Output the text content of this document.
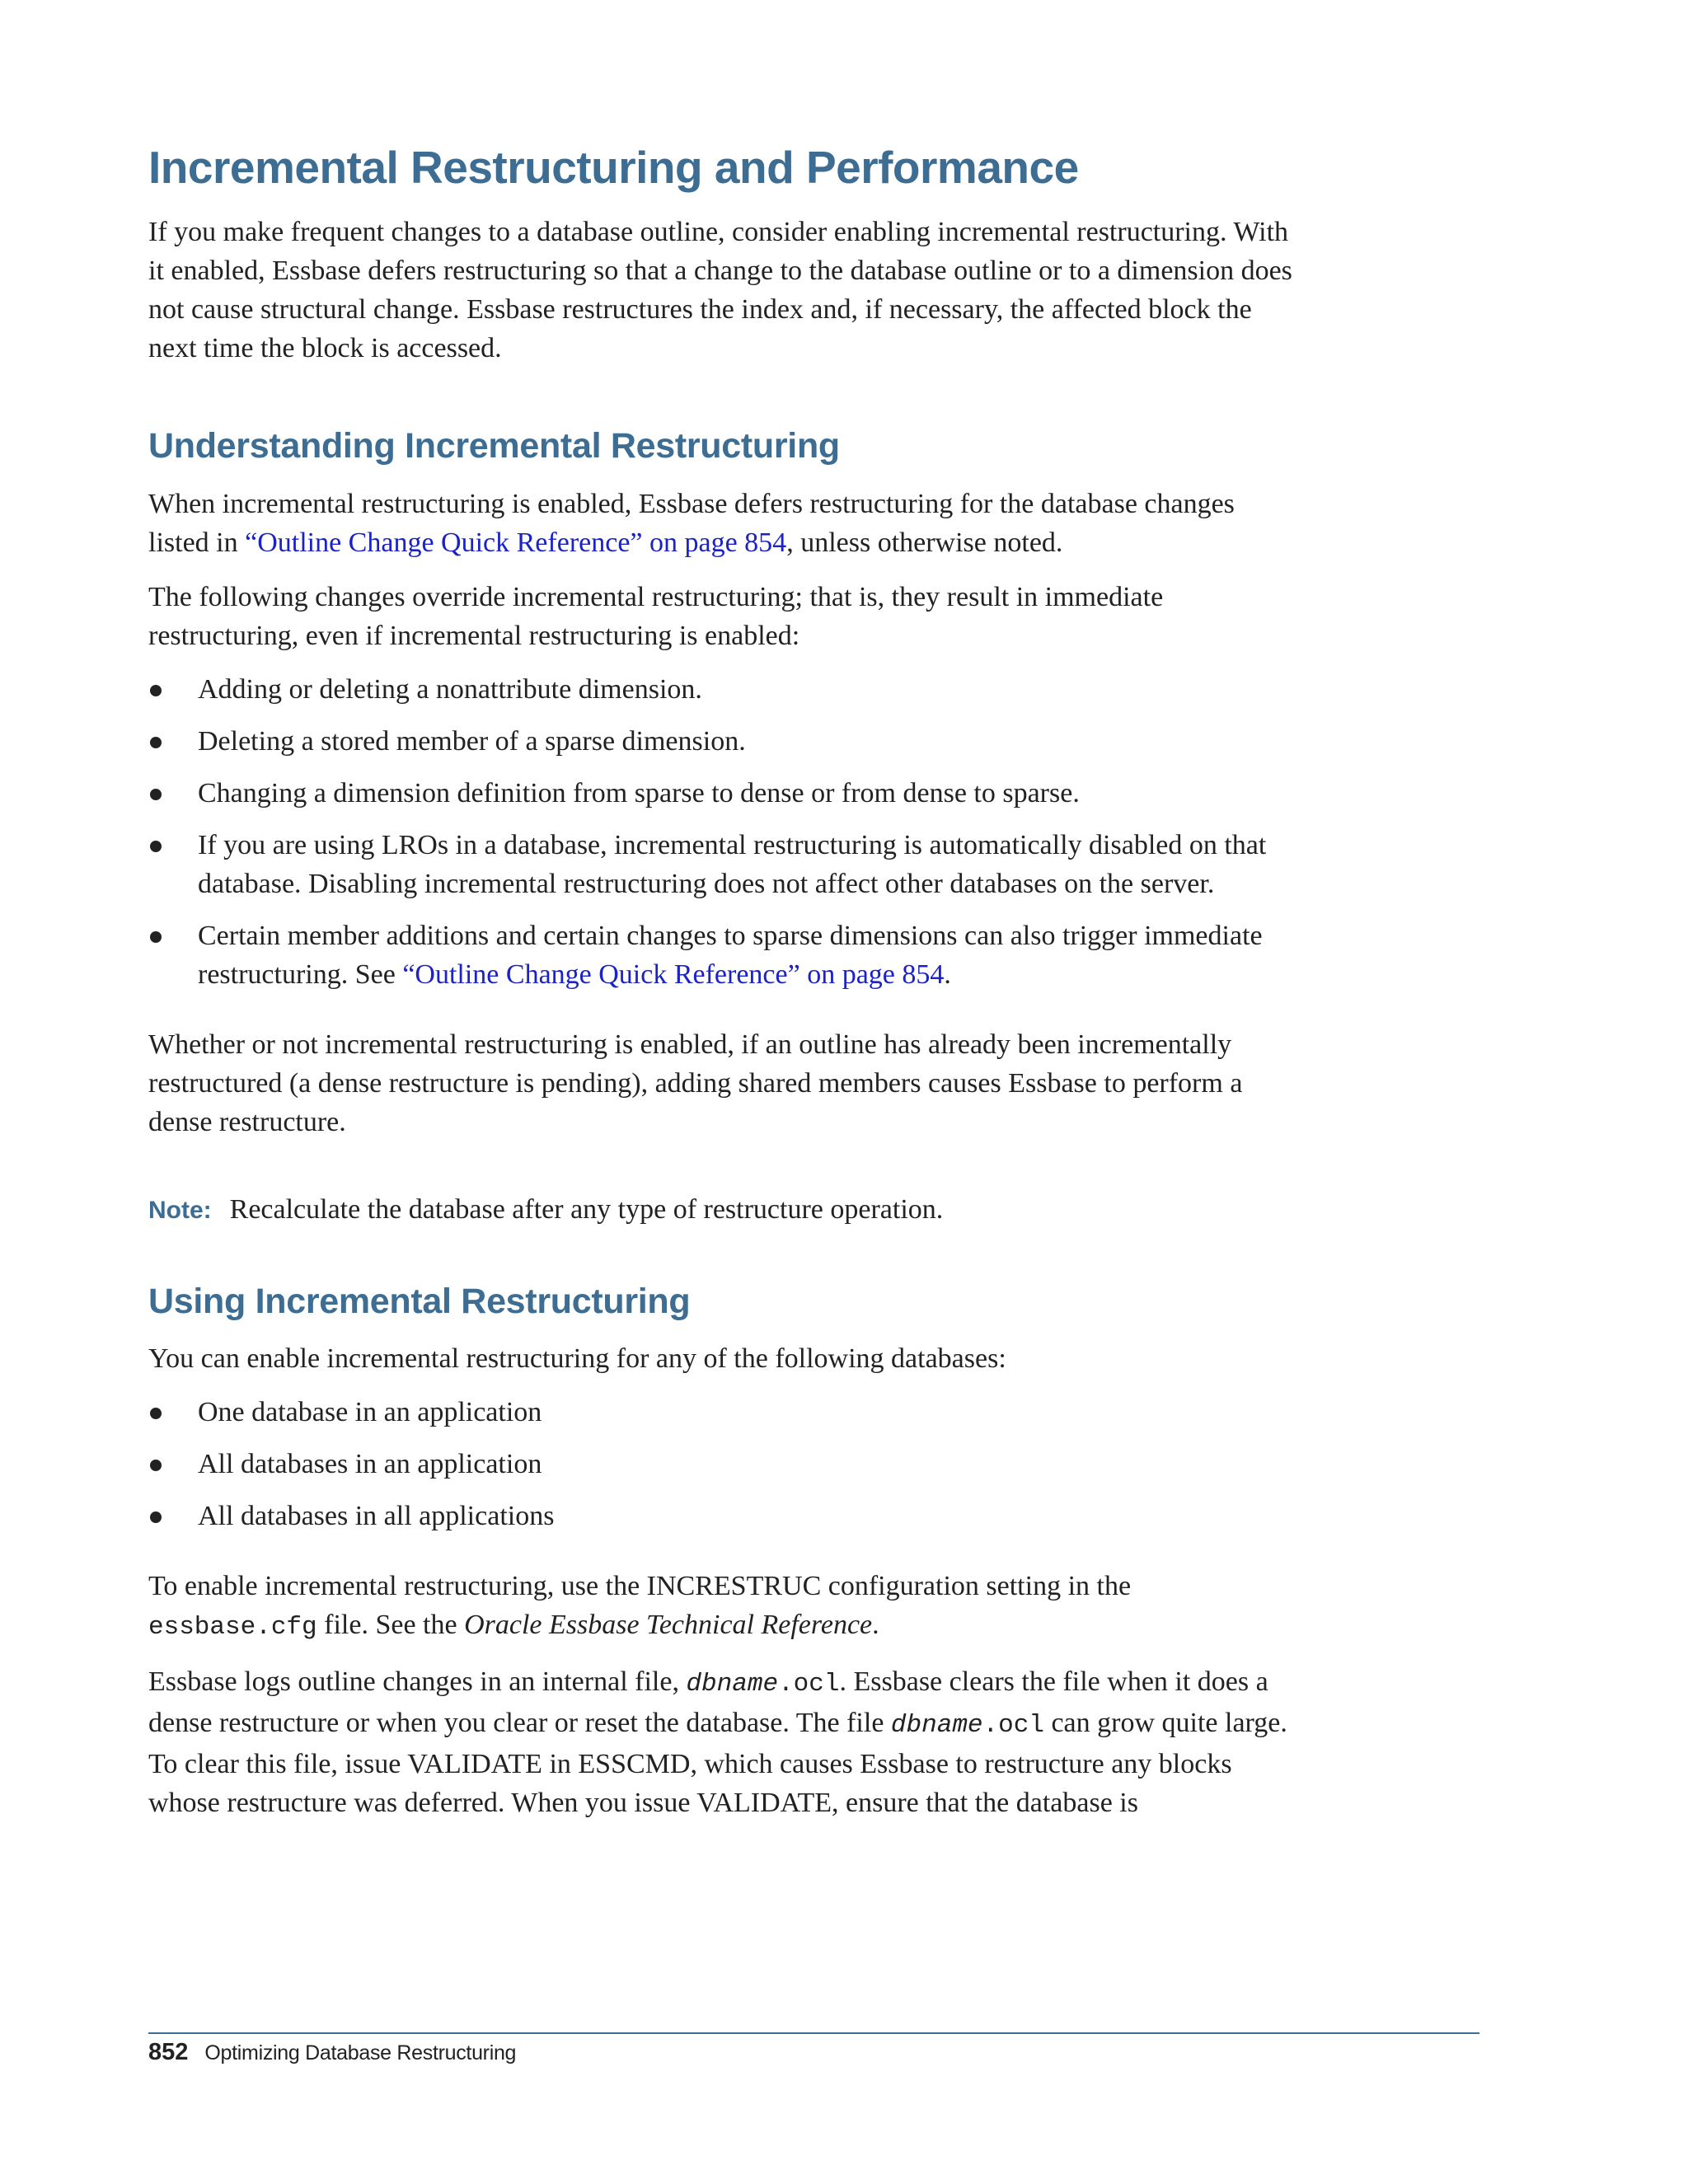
Incremental Restructuring and Performance

If you make frequent changes to a database outline, consider enabling incremental restructuring. With it enabled, Essbase defers restructuring so that a change to the database outline or to a dimension does not cause structural change. Essbase restructures the index and, if necessary, the affected block the next time the block is accessed.

Understanding Incremental Restructuring

When incremental restructuring is enabled, Essbase defers restructuring for the database changes listed in “Outline Change Quick Reference” on page 854, unless otherwise noted.

The following changes override incremental restructuring; that is, they result in immediate restructuring, even if incremental restructuring is enabled:

Adding or deleting a nonattribute dimension.
Deleting a stored member of a sparse dimension.
Changing a dimension definition from sparse to dense or from dense to sparse.
If you are using LROs in a database, incremental restructuring is automatically disabled on that database. Disabling incremental restructuring does not affect other databases on the server.
Certain member additions and certain changes to sparse dimensions can also trigger immediate restructuring. See “Outline Change Quick Reference” on page 854.

Whether or not incremental restructuring is enabled, if an outline has already been incrementally restructured (a dense restructure is pending), adding shared members causes Essbase to perform a dense restructure.

Note: Recalculate the database after any type of restructure operation.

Using Incremental Restructuring

You can enable incremental restructuring for any of the following databases:

One database in an application
All databases in an application
All databases in all applications

To enable incremental restructuring, use the INCRESTRUC configuration setting in the essbase.cfg file. See the Oracle Essbase Technical Reference.

Essbase logs outline changes in an internal file, dbname.ocl. Essbase clears the file when it does a dense restructure or when you clear or reset the database. The file dbname.ocl can grow quite large. To clear this file, issue VALIDATE in ESSCMD, which causes Essbase to restructure any blocks whose restructure was deferred. When you issue VALIDATE, ensure that the database is

852 Optimizing Database Restructuring
